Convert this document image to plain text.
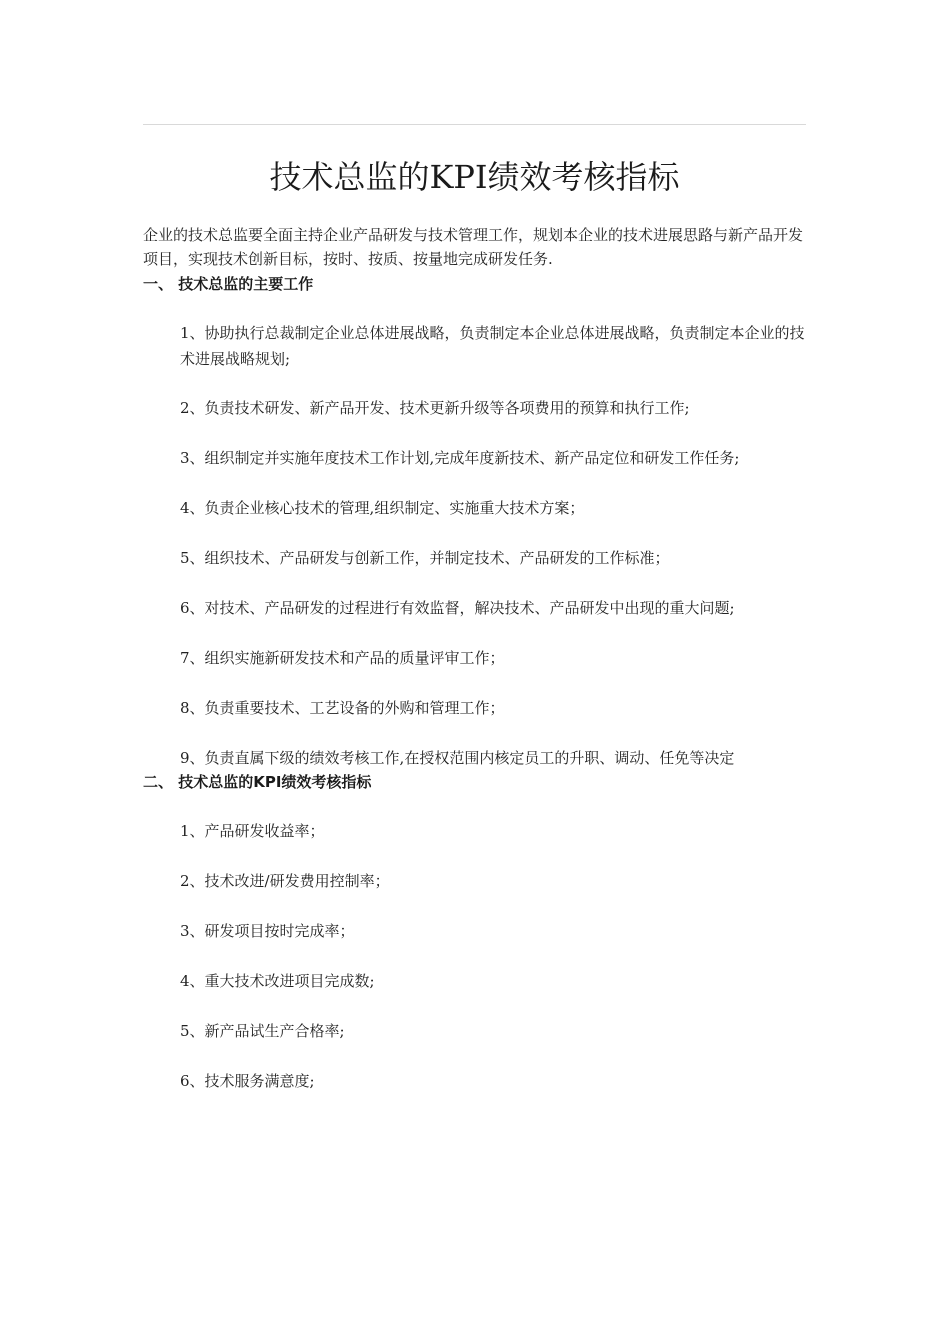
技术总监的KPI绩效考核指标
企业的技术总监要全面主持企业产品研发与技术管理工作，规划本企业的技术进展思路与新产品开发项目，实现技术创新目标，按时、按质、按量地完成研发任务.
一、 技术总监的主要工作
1、协助执行总裁制定企业总体进展战略，负责制定本企业总体进展战略，负责制定本企业的技术进展战略规划;
2、负责技术研发、新产品开发、技术更新升级等各项费用的预算和执行工作;
3、组织制定并实施年度技术工作计划,完成年度新技术、新产品定位和研发工作任务;
4、负责企业核心技术的管理,组织制定、实施重大技术方案；
5、组织技术、产品研发与创新工作，并制定技术、产品研发的工作标准；
6、对技术、产品研发的过程进行有效监督，解决技术、产品研发中出现的重大问题;
7、组织实施新研发技术和产品的质量评审工作；
8、负责重要技术、工艺设备的外购和管理工作；
9、负责直属下级的绩效考核工作,在授权范围内核定员工的升职、调动、任免等决定
二、 技术总监的KPI绩效考核指标
1、产品研发收益率；
2、技术改进/研发费用控制率；
3、研发项目按时完成率；
4、重大技术改进项目完成数;
5、新产品试生产合格率;
6、技术服务满意度;
